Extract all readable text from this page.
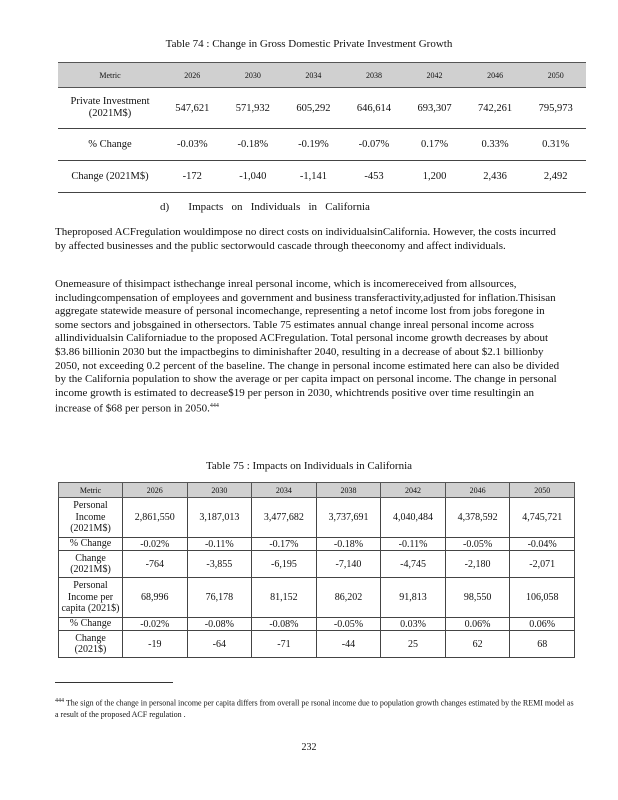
Table 74 : Change in Gross Domestic Private Investment Growth
Metric	2026	2030	2034	2038	2042	2046	2050
Private Investment (2021M$)	547,621	571,932	605,292	646,614	693,307	742,261	795,973
% Change	-0.03%	-0.18%	-0.19%	-0.07%	0.17%	0.33%	0.31%
Change (2021M$)	-172	-1,040	-1,141	-453	1,200	2,436	2,492
d)       Impacts   on   Individuals   in   California

Theproposed ACFregulation wouldimpose no direct costs on individualsinCalifornia. However, the costs incurred by affected businesses and the public sectorwould cascade through theeconomy and affect individuals.

Onemeasure of thisimpact isthechange inreal personal income, which is incomereceived from allsources, includingcompensation of employees and government and business transferactivity,adjusted for inflation.Thisisan aggregate statewide measure of personal incomechange, representing a netof income lost from jobs foregone in some sectors and jobsgained in othersectors. Table 75 estimates annual change inreal personal income across allindividualsin Californiadue to the proposed ACFregulation. Total personal income growth decreases by about $3.86 billionin 2030 but the impactbegins to diminishafter 2040, resulting in a decrease of about $2.1 billionby 2050, not exceeding 0.2 percent of the baseline. The change in personal income estimated here can also be divided by the California population to show the average or per capita impact on personal income. The change in personal income growth is estimated to decrease$19 per person in 2030, whichtrends positive over time resultingin an increase of $68 per person in 2050.$^{444}$

Table 75 : Impacts on Individuals in California
Metric	2026	2030	2034	2038	2042	2046	2050
Personal Income (2021M$)	2,861,550	3,187,013	3,477,682	3,737,691	4,040,484	4,378,592	4,745,721
% Change	-0.02%	-0.11%	-0.17%	-0.18%	-0.11%	-0.05%	-0.04%
Change (2021M$)	-764	-3,855	-6,195	-7,140	-4,745	-2,180	-2,071
Personal Income per capita (2021$)	68,996	76,178	81,152	86,202	91,813	98,550	106,058
% Change	-0.02%	-0.08%	-0.08%	-0.05%	0.03%	0.06%	0.06%
Change (2021$)	-19	-64	-71	-44	25	62	68
$^{444}$ The sign of the change in personal income per capita differs from overall pe rsonal income due to population growth changes estimated by the REMI model as a result of the proposed ACF regulation .
232
